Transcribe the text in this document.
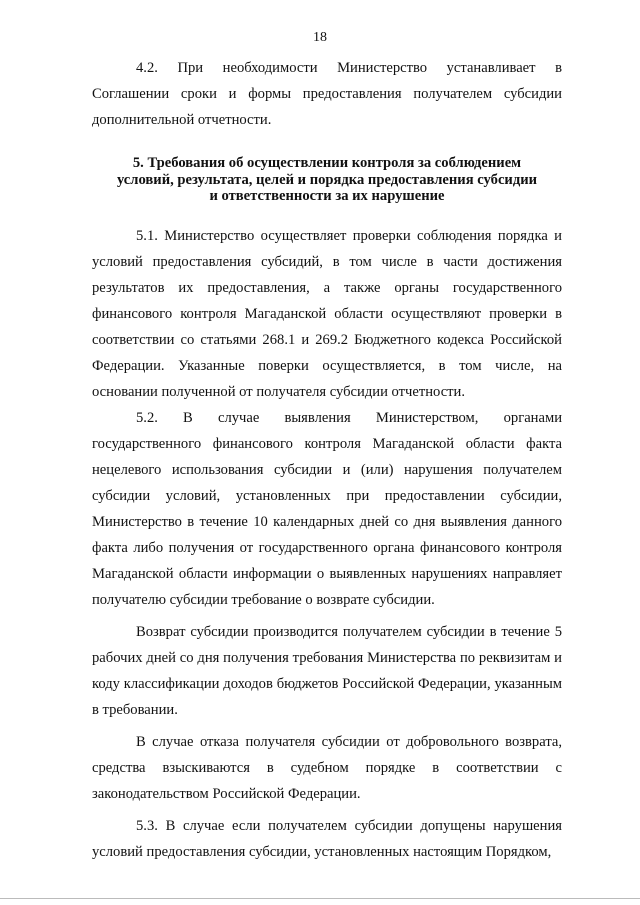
18

4.2. При необходимости Министерство устанавливает в Соглашении сроки и формы предоставления получателем субсидии дополнительной отчетности.

5. Требования об осуществлении контроля за соблюдением
условий, результата, целей и порядка предоставления субсидии
и ответственности за их нарушение

5.1. Министерство осуществляет проверки соблюдения порядка и условий предоставления субсидий, в том числе в части достижения результатов их предоставления, а также органы государственного финансового контроля Магаданской области осуществляют проверки в соответствии со статьями 268.1 и 269.2 Бюджетного кодекса Российской Федерации. Указанные поверки осуществляется, в том числе, на основании полученной от получателя субсидии отчетности.

5.2. В случае выявления Министерством, органами государственного финансового контроля Магаданской области факта нецелевого использования субсидии и (или) нарушения получателем субсидии условий, установленных при предоставлении субсидии, Министерство в течение 10 календарных дней со дня выявления данного факта либо получения от государственного органа финансового контроля Магаданской области информации о выявленных нарушениях направляет получателю субсидии требование о возврате субсидии.

Возврат субсидии производится получателем субсидии в течение 5 рабочих дней со дня получения требования Министерства по реквизитам и коду классификации доходов бюджетов Российской Федерации, указанным в требовании.

В случае отказа получателя субсидии от добровольного возврата, средства взыскиваются в судебном порядке в соответствии с законодательством Российской Федерации.

5.3. В случае если получателем субсидии допущены нарушения условий предоставления субсидии, установленных настоящим Порядком,
